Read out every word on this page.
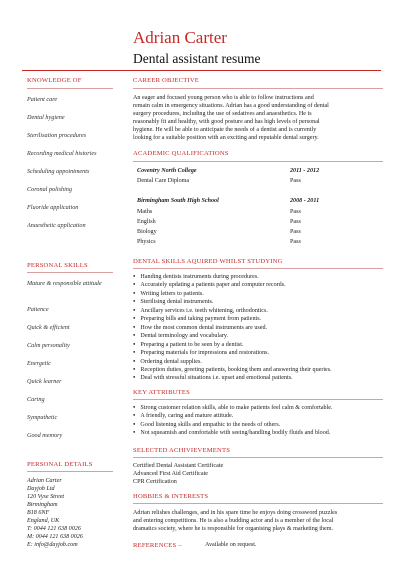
Adrian Carter
Dental assistant resume
KNOWLEDGE OF
Patient care
Dental hygiene
Sterilisation procedures
Recording medical histories
Scheduling appointments
Coronal polishing
Fluoride application
Anaesthetic application
PERSONAL SKILLS
Mature & responsible attitude
Patience
Quick & efficient
Calm personality
Energetic
Quick learner
Caring
Sympathetic
Good memory
PERSONAL DETAILS
Adrian Carter
Dayjob Ltd
120 Vyse Street
Birmingham
B18 6NF
England, UK
T: 0044 121 638 0026
M: 0044 121 638 0026
E: info@dayjob.com
CAREER OBJECTIVE
An eager and focused young person who is able to follow instructions and
remain calm in emergency situations. Adrian has a good understanding of dental
surgery procedures, including the use of sedatives and anaesthetics. He is
reasonably fit and healthy, with good posture and has high levels of personal
hygiene. He will be able to anticipate the needs of a dentist and is currently
looking for a suitable position with an exciting and reputable dental surgery.
ACADEMIC QUALIFICATIONS
Coventry North College	2011 - 2012
Dental Care Diploma	Pass
Birmingham South High School	2008 - 2011
Maths	Pass
English	Pass
Biology	Pass
Physics	Pass
DENTAL SKILLS AQUIRED WHILST STUDYING
● Handing dentists instruments during procedures.
● Accurately updating a patients paper and computer records.
● Writing letters to patients.
● Sterilising dental instruments.
● Ancillary services i.e. teeth whitening, orthodontics.
● Preparing bills and taking payment from patients.
● How the most common dental instruments are used.
● Dental terminology and vocabulary.
● Preparing a patient to be seen by a dentist.
● Preparing materials for impressions and restorations.
● Ordering dental supplies.
● Reception duties, greeting patients, booking them and answering their queries.
● Deal with stressful situations i.e. upset and emotional patients.
KEY ATTRIBUTES
● Strong customer relation skills, able to make patients feel calm & comfortable.
● A friendly, caring and mature attitude.
● Good listening skills and empathic to the needs of others.
● Not squeamish and comfortable with seeing/handling bodily fluids and blood.
SELECTED ACHIVIEVEMENTS
Certified Dental Assistant Certificate
Advanced First Aid Certificate
CPR Certification
HOBBIES & INTERESTS
Adrian relishes challenges, and in his spare time he enjoys doing crossword puzzles
and entering competitions. He is also a budding actor and is a member of the local
dramatics society, where he is responsible for organising plays & marketing them.
REFERENCES –	Available on request.
